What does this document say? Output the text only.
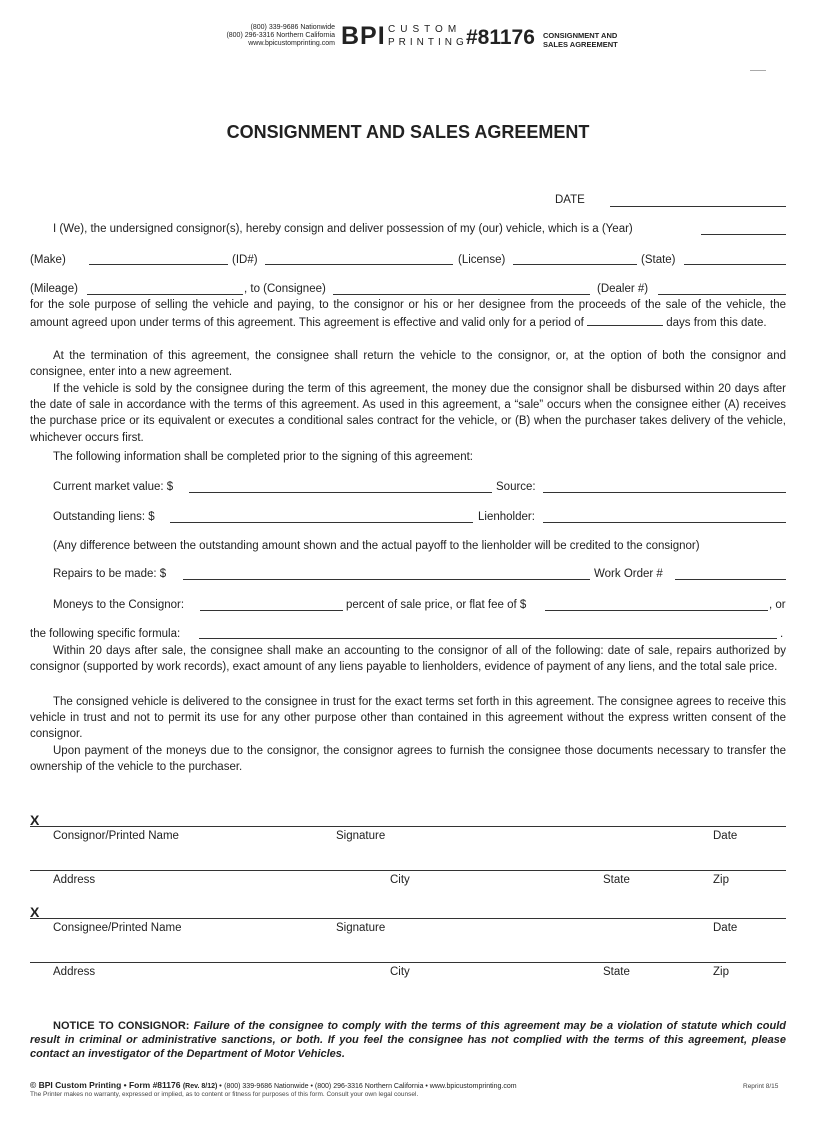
(800) 339-9686 Nationwide
(800) 296-3316 Northern California
www.bpicustomprinting.com BPI CUSTOM
PRINTING
#81176 CONSIGNMENT AND
SALES AGREEMENT
CONSIGNMENT AND SALES AGREEMENT
DATE
I (We), the undersigned consignor(s), hereby consign and deliver possession of my (our) vehicle, which is a (Year)
(Make)	(ID#)	(License)	(State)
(Mileage)	, to (Consignee)	(Dealer #)
for the sole purpose of selling the vehicle and paying, to the consignor or his or her designee from the proceeds of the sale of the vehicle, the amount agreed upon under terms of this agreement. This agreement is effective and valid only for a period of	days from this date.
At the termination of this agreement, the consignee shall return the vehicle to the consignor, or, at the option of both the consignor and consignee, enter into a new agreement.
If the vehicle is sold by the consignee during the term of this agreement, the money due the consignor shall be disbursed within 20 days after the date of sale in accordance with the terms of this agreement. As used in this agreement, a “sale” occurs when the consignee either (A) receives the purchase price or its equivalent or executes a conditional sales contract for the vehicle, or (B) when the purchaser takes delivery of the vehicle, whichever occurs first.
The following information shall be completed prior to the signing of this agreement:
Current market value: $	Source:
Outstanding liens: $	Lienholder:
(Any difference between the outstanding amount shown and the actual payoff to the lienholder will be credited to the consignor)
Repairs to be made: $	Work Order #
Moneys to the Consignor:	percent of sale price, or flat fee of $	, or
the following specific formula:	.
Within 20 days after sale, the consignee shall make an accounting to the consignor of all of the following: date of sale, repairs authorized by consignor (supported by work records), exact amount of any liens payable to lienholders, evidence of payment of any liens, and the total sale price.
The consigned vehicle is delivered to the consignee in trust for the exact terms set forth in this agreement. The consignee agrees to receive this vehicle in trust and not to permit its use for any other purpose other than contained in this agreement without the express written consent of the consignor.
Upon payment of the moneys due to the consignor, the consignor agrees to furnish the consignee those documents necessary to transfer the ownership of the vehicle to the purchaser.
X
Consignor/Printed Name	Signature	Date
Address	City	State	Zip
X
Consignee/Printed Name	Signature	Date
Address	City	State	Zip
NOTICE TO CONSIGNOR: Failure of the consignee to comply with the terms of this agreement may be a violation of statute which could result in criminal or administrative sanctions, or both. If you feel the consignee has not complied with the terms of this agreement, please contact an investigator of the Department of Motor Vehicles.
© BPI Custom Printing • Form #81176 (Rev. 8/12) • (800) 339-9686 Nationwide • (800) 296-3316 Northern California • www.bpicustomprinting.com
The Printer makes no warranty, expressed or implied, as to content or fitness for purposes of this form. Consult your own legal counsel.
Reprint 8/15
